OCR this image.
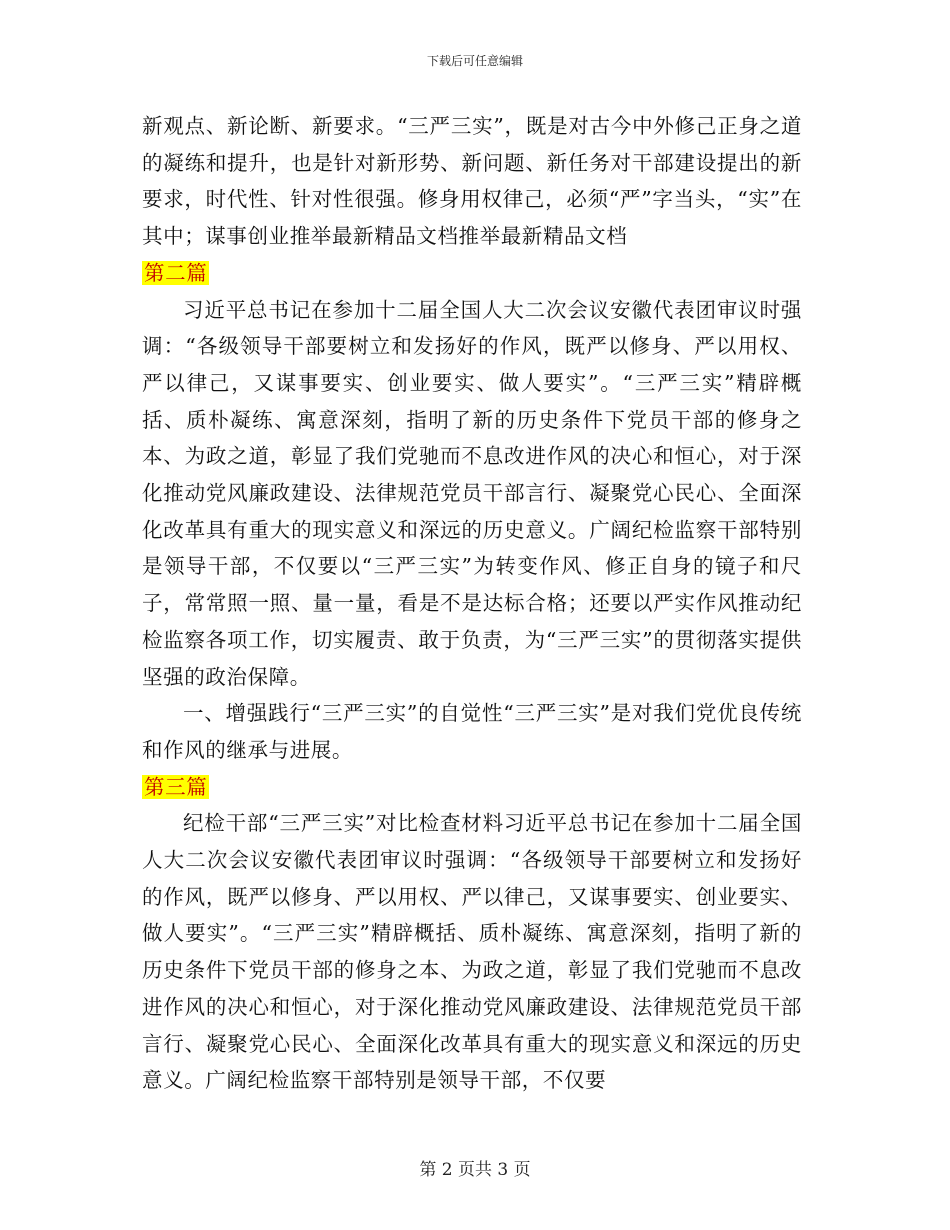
下载后可任意编辑

新观点、新论断、新要求。“三严三实”，既是对古今中外修己正身之道的凝练和提升，也是针对新形势、新问题、新任务对干部建设提出的新要求，时代性、针对性很强。修身用权律己，必须“严”字当头，“实”在其中；谋事创业推举最新精品文档推举最新精品文档

第二篇

习近平总书记在参加十二届全国人大二次会议安徽代表团审议时强调：“各级领导干部要树立和发扬好的作风，既严以修身、严以用权、严以律己，又谋事要实、创业要实、做人要实”。“三严三实”精辟概括、质朴凝练、寓意深刻，指明了新的历史条件下党员干部的修身之本、为政之道，彰显了我们党驰而不息改进作风的决心和恒心，对于深化推动党风廉政建设、法律规范党员干部言行、凝聚党心民心、全面深化改革具有重大的现实意义和深远的历史意义。广阔纪检监察干部特别是领导干部，不仅要以“三严三实”为转变作风、修正自身的镜子和尺子，常常照一照、量一量，看是不是达标合格；还要以严实作风推动纪检监察各项工作，切实履责、敢于负责，为“三严三实”的贯彻落实提供坚强的政治保障。

一、增强践行“三严三实”的自觉性“三严三实”是对我们党优良传统和作风的继承与进展。

第三篇

纪检干部“三严三实”对比检查材料习近平总书记在参加十二届全国人大二次会议安徽代表团审议时强调：“各级领导干部要树立和发扬好的作风，既严以修身、严以用权、严以律己，又谋事要实、创业要实、做人要实”。“三严三实”精辟概括、质朴凝练、寓意深刻，指明了新的历史条件下党员干部的修身之本、为政之道，彰显了我们党驰而不息改进作风的决心和恒心，对于深化推动党风廉政建设、法律规范党员干部言行、凝聚党心民心、全面深化改革具有重大的现实意义和深远的历史意义。广阔纪检监察干部特别是领导干部，不仅要

第 2 页共 3 页
